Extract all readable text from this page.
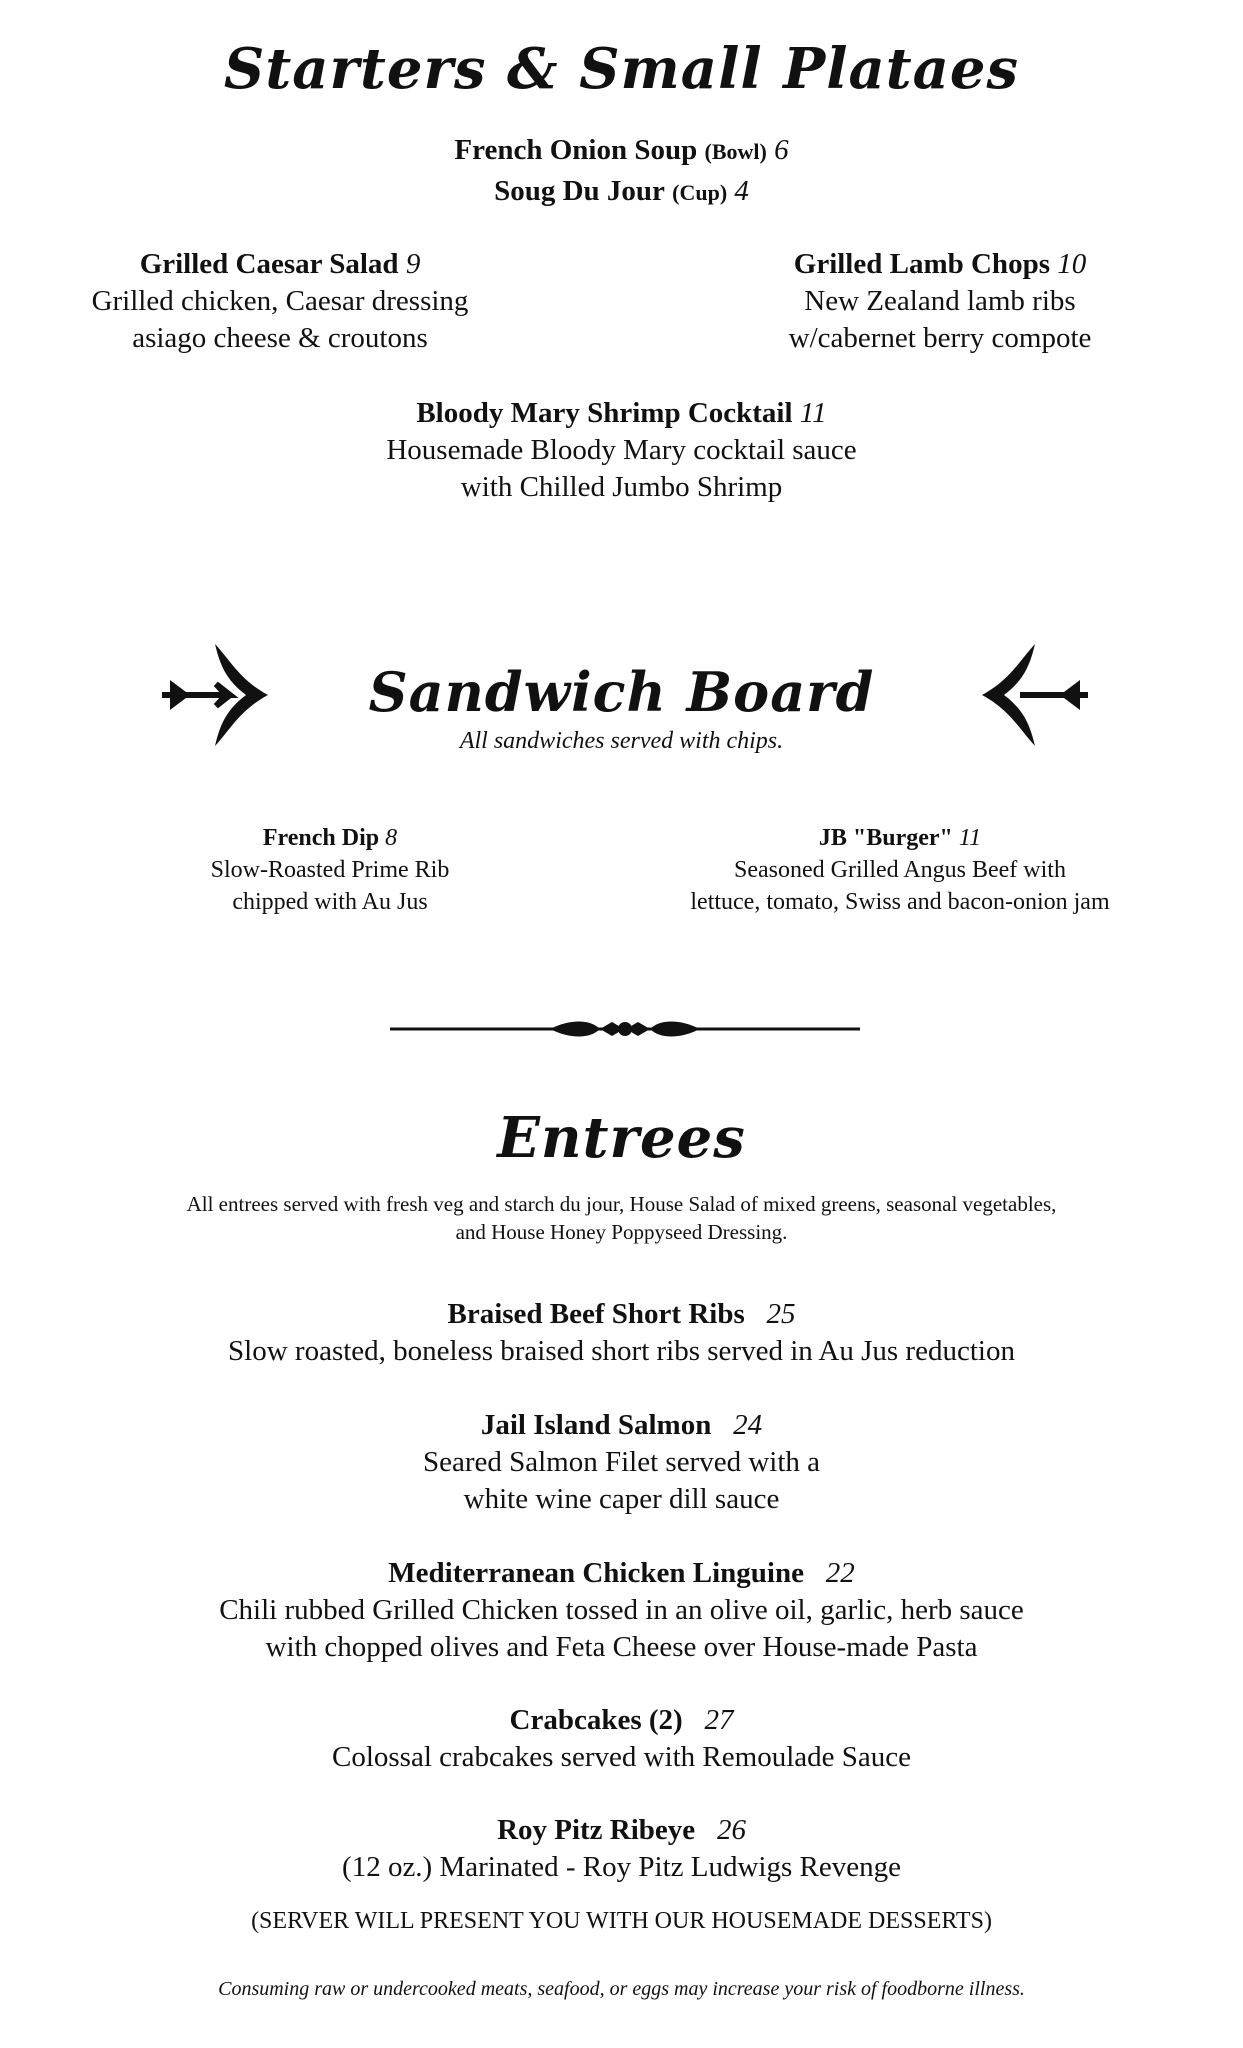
Starters & Small Plataes
French Onion Soup (Bowl) 6
Soug Du Jour (Cup) 4
Grilled Caesar Salad 9
Grilled chicken, Caesar dressing
asiago cheese & croutons
Grilled Lamb Chops 10
New Zealand lamb ribs
w/cabernet berry compote
Bloody Mary Shrimp Cocktail 11
Housemade Bloody Mary cocktail sauce
with Chilled Jumbo Shrimp
Sandwich Board
All sandwiches served with chips.
French Dip 8
Slow-Roasted Prime Rib
chipped with Au Jus
JB "Burger" 11
Seasoned Grilled Angus Beef with
lettuce, tomato, Swiss and bacon-onion jam
Entrees
All entrees served with fresh veg and starch du jour, House Salad of mixed greens, seasonal vegetables,
and House Honey Poppyseed Dressing.
Braised Beef Short Ribs 25
Slow roasted, boneless braised short ribs served in Au Jus reduction
Jail Island Salmon 24
Seared Salmon Filet served with a
white wine caper dill sauce
Mediterranean Chicken Linguine 22
Chili rubbed Grilled Chicken tossed in an olive oil, garlic, herb sauce
with chopped olives and Feta Cheese over House-made Pasta
Crabcakes (2) 27
Colossal crabcakes served with Remoulade Sauce
Roy Pitz Ribeye 26
(12 oz.) Marinated - Roy Pitz Ludwigs Revenge
(SERVER WILL PRESENT YOU WITH OUR HOUSEMADE DESSERTS)
Consuming raw or undercooked meats, seafood, or eggs may increase your risk of foodborne illness.
